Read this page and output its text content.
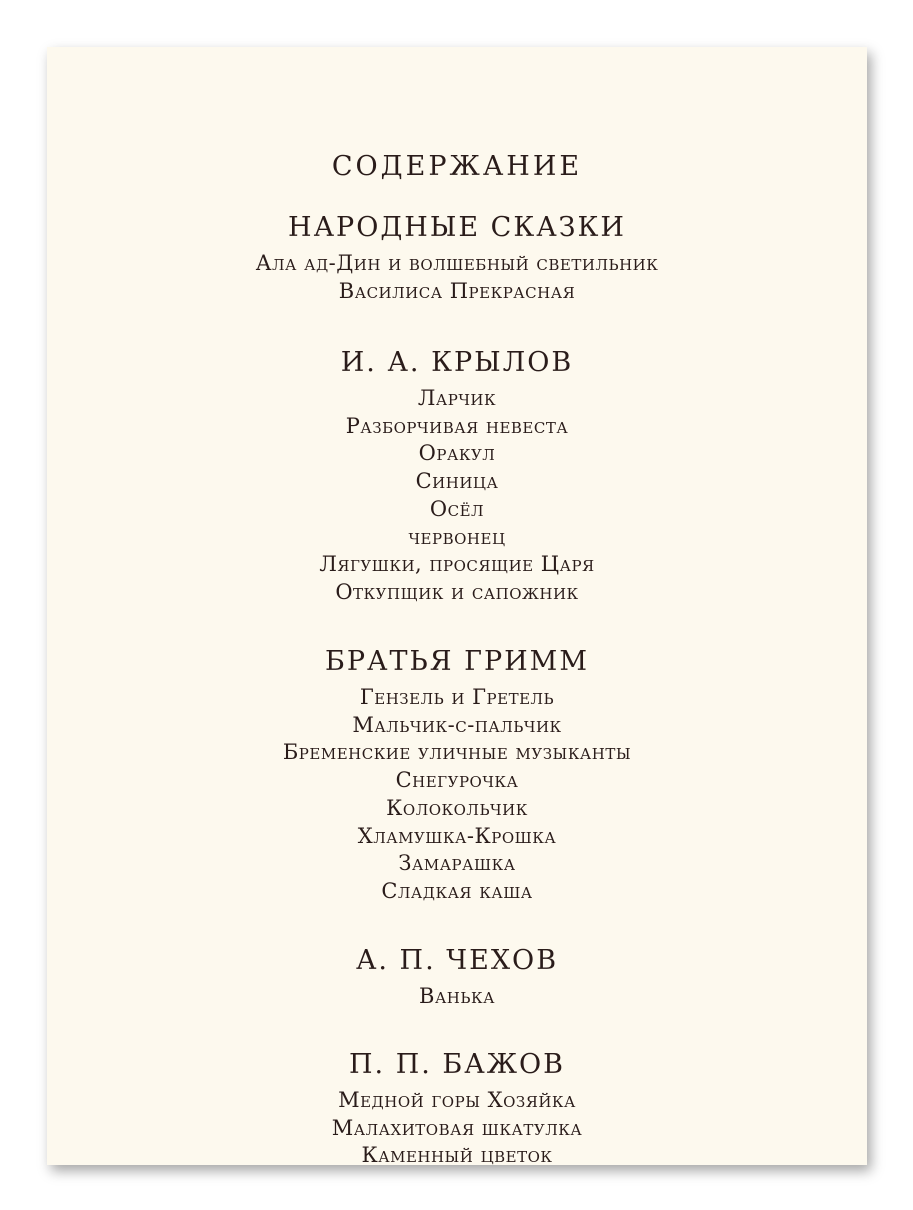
СОДЕРЖАНИЕ
НАРОДНЫЕ СКАЗКИ
Ала ад-Дин и волшебный светильник
Василиса Прекрасная
И. А. КРЫЛОВ
Ларчик
Разборчивая невеста
Оракул
Синица
Осёл
червонец
Лягушки, просящие Царя
Откупщик и сапожник
БРАТЬЯ ГРИММ
Гензель и Гретель
Мальчик-с-пальчик
Бременские уличные музыканты
Снегурочка
Колокольчик
Хламушка-Крошка
Замарашка
Сладкая каша
А. П. ЧЕХОВ
Ванька
П. П. БАЖОВ
Медной горы Хозяйка
Малахитовая шкатулка
Каменный цветок
